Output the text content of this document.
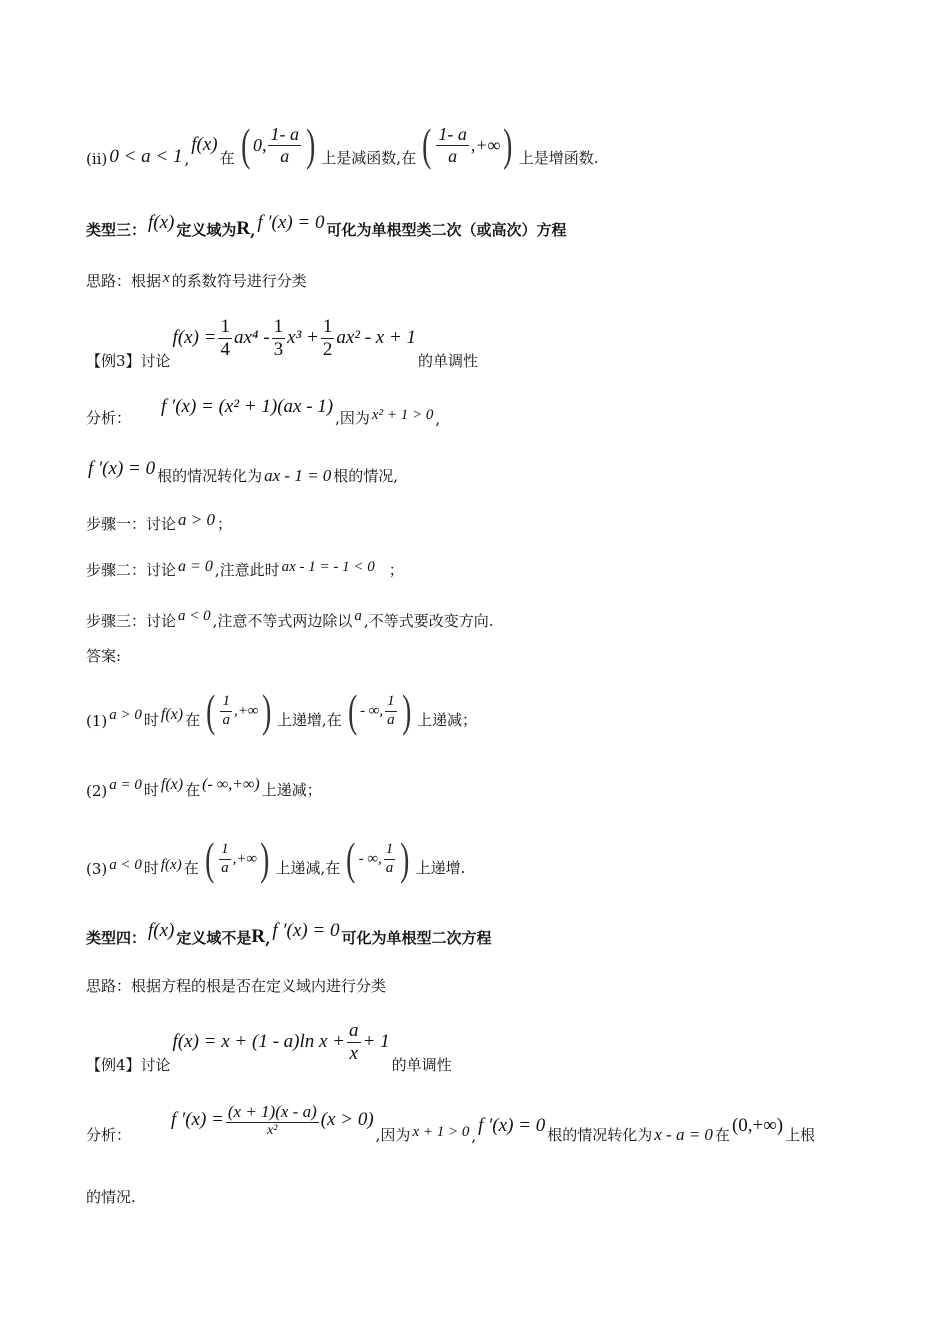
(ii) 0 < a < 1 ,
f(x)
在 ( 0, $\frac{1- a}{a}$ ) 上是减函数,在 ( $\frac{1- a}{a}$ ,+∞ ) 上是增函数.
类型三： f(x) 定义域为 R , f ′(x) = 0 可化为单根型类二次（或高次）方程
思路：根据 x 的系数符号进行分类
【例3】讨论
$f(x) = \frac{1}{4} ax^4 - \frac{1}{3} x^3 + \frac{1}{2} ax^2 - x + 1$
的单调性
分析：
f ′(x) = (x² + 1)(ax - 1)
,因为 x² + 1 > 0 ,
f ′(x) = 0 根的情况转化为 ax - 1 = 0 根的情况,
步骤一：讨论 a > 0 ；
步骤二：讨论 a = 0 ,注意此时 ax - 1 = - 1 < 0 ；
步骤三：讨论 a < 0 ,注意不等式两边除以 a ,不等式要改变方向.
答案:
(1) a > 0 时 f(x) 在 ( $\frac{1}{a}$ ,+∞ ) 上递增,在 ( - ∞, $\frac{1}{a}$ ) 上递减；
(2) a = 0 时 f(x) 在 (- ∞,+∞) 上递减；
(3) a < 0 时 f(x) 在 ( $\frac{1}{a}$ ,+∞ ) 上递减,在 ( - ∞, $\frac{1}{a}$ ) 上递增.
类型四： f(x) 定义域不是 R , f ′(x) = 0 可化为单根型二次方程
思路：根据方程的根是否在定义域内进行分类
【例4】讨论
f(x) = x + (1 - a)ln $x + \frac{a}{x} + 1$
的单调性
分析：
f $'(x) = \frac{(x + 1)(x - a)}{\text{x²}} (x > 0)$
,因为 x + 1 > 0 , f ′(x) = 0 根的情况转化为 x - a = 0 在 (0,+∞) 上根
的情况.
